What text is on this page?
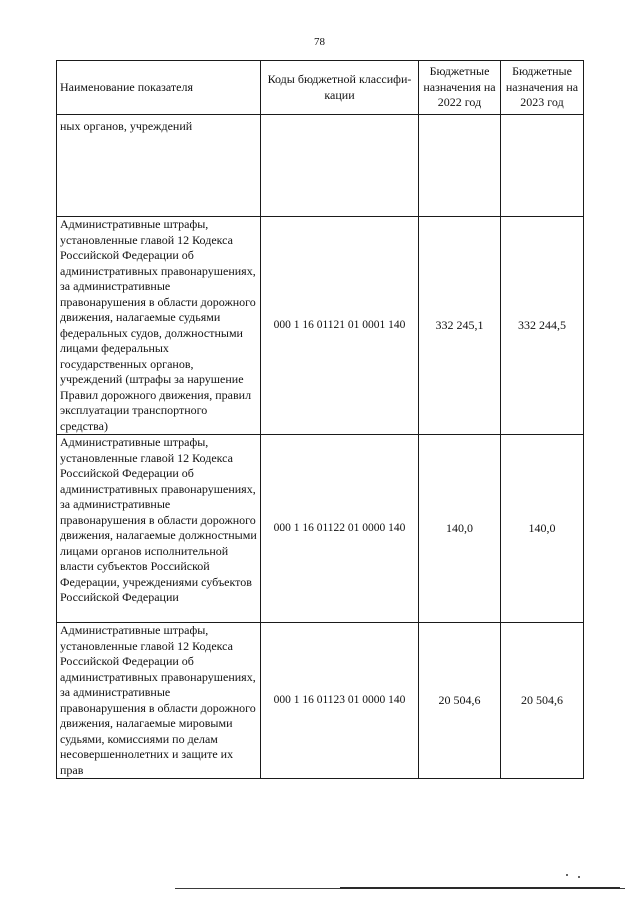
78
Наименование показателя	Коды бюджетной классифи-кации	Бюджетные назначения на 2022 год	Бюджетные назначения на 2023 год

ных органов, учреждений			

Административные штрафы, установленные главой 12 Кодекса Российской Федерации об административных правонарушениях, за административные правонарушения в области дорожного движения, налагаемые судьями федеральных судов, должностными лицами федеральных государственных органов, учреждений (штрафы за нарушение Правил дорожного движения, правил эксплуатации транспортного средства)	000 1 16 01121 01 0001 140	332 245,1	332 244,5
Административные штрафы, установленные главой 12 Кодекса Российской Федерации об административных правонарушениях, за административные правонарушения в области дорожного движения, налагаемые должностными лицами органов исполнительной власти субъектов Российской Федерации, учреждениями субъектов Российской Федерации	000 1 16 01122 01 0000 140	140,0	140,0
Административные штрафы, установленные главой 12 Кодекса Российской Федерации об административных правонарушениях, за административные правонарушения в области дорожного движения, налагаемые мировыми судьями, комиссиями по делам несовершеннолетних и защите их прав	000 1 16 01123 01 0000 140	20 504,6	20 504,6
